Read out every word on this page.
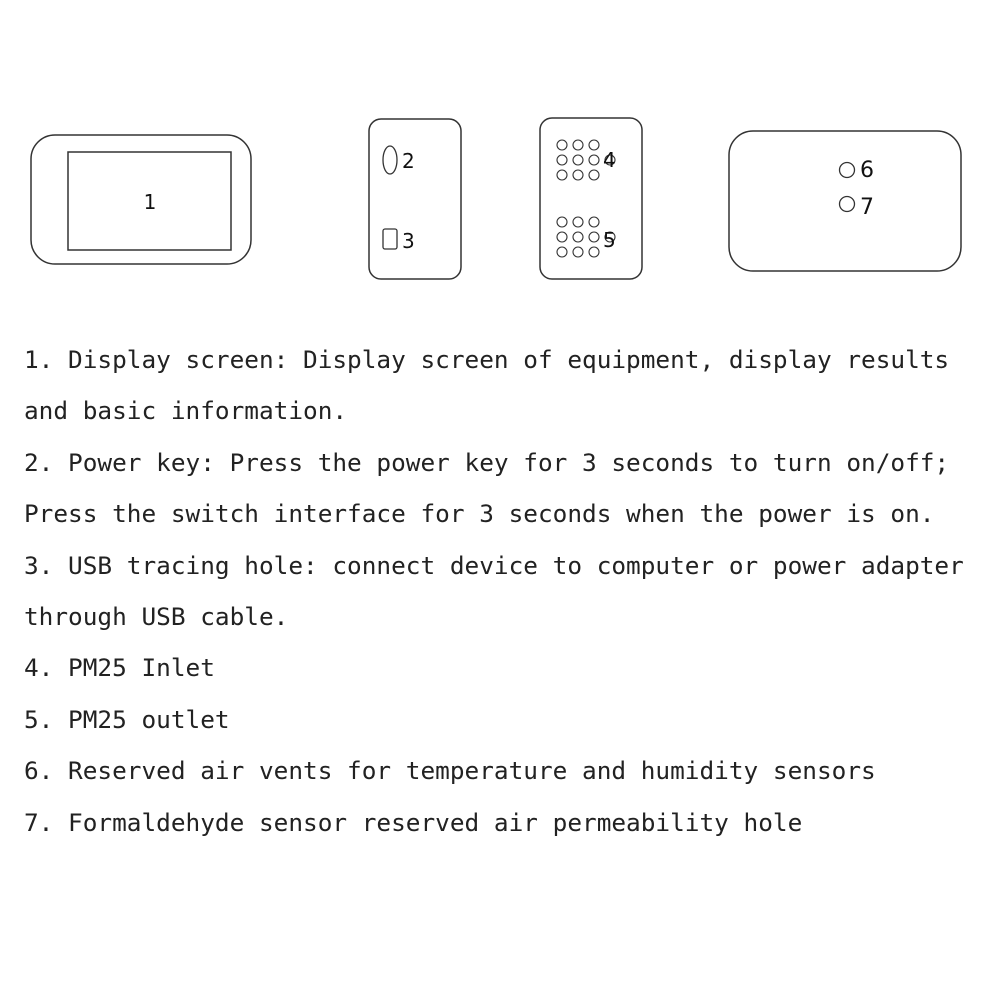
1
2
3
4
5
6
7
1. Display screen: Display screen of equipment, display results
and basic information.
2. Power key: Press the power key for 3 seconds to turn on/off;
Press the switch interface for 3 seconds when the power is on.
3. USB tracing hole: connect device to computer or power adapter
through USB cable.
4. PM25 Inlet
5. PM25 outlet
6. Reserved air vents for temperature and humidity sensors
7. Formaldehyde sensor reserved air permeability hole
